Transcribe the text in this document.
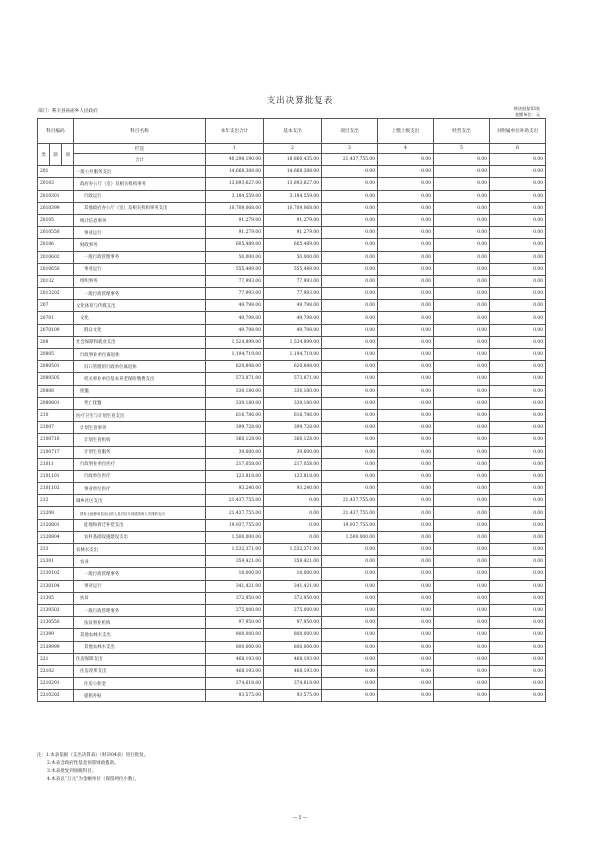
支出决算批复表
部门：利辛县孙庙乡人民政府
财决批复03表
金额单位：元
科目编码			科目名称	本年支出合计	基本支出	项目支出	上缴上级支出	经营支出	对附属单位补助支出
类	款	项	栏次	1	2	3	4	5	6
			合计	40,298,190.00	18,860,435.00	21,437,755.00	0.00	0.00	0.00
201			一般公共服务支出	14,668,388.00	14,668,388.00	0.00	0.00	0.00	0.00
20103			政府办公厅（室）及相关机构事务	13,893,627.00	13,893,627.00	0.00	0.00	0.00	0.00
2010301			行政运行	3,184,559.00	3,184,559.00	0.00	0.00	0.00	0.00
2010399			其他政府办公厅（室）及相关机构事务支出	10,709,068.00	10,709,068.00	0.00	0.00	0.00	0.00
20105			统计信息事务	91,279.00	91,279.00	0.00	0.00	0.00	0.00
2010550			事业运行	91,279.00	91,279.00	0.00	0.00	0.00	0.00
20106			财政事务	605,489.00	605,489.00	0.00	0.00	0.00	0.00
2010602			一般行政管理事务	50,000.00	50,000.00	0.00	0.00	0.00	0.00
2010650			事业运行	555,489.00	555,489.00	0.00	0.00	0.00	0.00
20132			组织事务	77,993.00	77,993.00	0.00	0.00	0.00	0.00
2013202			一般行政管理事务	77,993.00	77,993.00	0.00	0.00	0.00	0.00
207			文化体育与传媒支出	49,798.00	49,798.00	0.00	0.00	0.00	0.00
20701			文化	49,798.00	49,798.00	0.00	0.00	0.00	0.00
2070109			群众文化	49,798.00	49,798.00	0.00	0.00	0.00	0.00
208			社会保障和就业支出	1,524,899.00	1,524,899.00	0.00	0.00	0.00	0.00
20805			行政事业单位离退休	1,194,719.00	1,194,719.00	0.00	0.00	0.00	0.00
2080501			归口管理的行政单位离退休	620,848.00	620,848.00	0.00	0.00	0.00	0.00
2080505			机关事业单位基本养老保险缴费支出	573,871.00	573,871.00	0.00	0.00	0.00	0.00
20808			抚恤	330,180.00	330,180.00	0.00	0.00	0.00	0.00
2080801			死亡抚恤	330,180.00	330,180.00	0.00	0.00	0.00	0.00
210			医疗卫生与计划生育支出	616,786.00	616,786.00	0.00	0.00	0.00	0.00
21007			计划生育事务	399,728.00	399,728.00	0.00	0.00	0.00	0.00
2100716			计划生育机构	360,128.00	360,128.00	0.00	0.00	0.00	0.00
2100717			计划生育服务	39,600.00	39,600.00	0.00	0.00	0.00	0.00
21011			行政事业单位医疗	217,058.00	217,058.00	0.00	0.00	0.00	0.00
2101101			行政单位医疗	123,818.00	123,818.00	0.00	0.00	0.00	0.00
2101102			事业单位医疗	93,240.00	93,240.00	0.00	0.00	0.00	0.00
212			城乡社区支出	21,437,755.00	0.00	21,437,755.00	0.00	0.00	0.00
21208			国有土地使用权出让收入及对应专项债务收入安排的支出	21,437,755.00	0.00	21,437,755.00	0.00	0.00	0.00
2120801			征地和拆迁补偿支出	19,937,755.00	0.00	19,937,755.00	0.00	0.00	0.00
2120804			农村基础设施建设支出	1,500,000.00	0.00	1,500,000.00	0.00	0.00	0.00
213			农林水支出	1,532,371.00	1,532,371.00	0.00	0.00	0.00	0.00
21301			农业	359,421.00	359,421.00	0.00	0.00	0.00	0.00
2130102			一般行政管理事务	18,000.00	18,000.00	0.00	0.00	0.00	0.00
2130104			事业运行	341,421.00	341,421.00	0.00	0.00	0.00	0.00
21305			扶贫	372,950.00	372,950.00	0.00	0.00	0.00	0.00
2130502			一般行政管理事务	275,000.00	275,000.00	0.00	0.00	0.00	0.00
2130550			扶贫事业机构	97,950.00	97,950.00	0.00	0.00	0.00	0.00
21399			其他农林水支出	800,000.00	800,000.00	0.00	0.00	0.00	0.00
2139999			其他农林水支出	800,000.00	800,000.00	0.00	0.00	0.00	0.00
221			住房保障支出	468,193.00	468,193.00	0.00	0.00	0.00	0.00
22102			住房改革支出	468,193.00	468,193.00	0.00	0.00	0.00	0.00
2210201			住房公积金	374,618.00	374,618.00	0.00	0.00	0.00	0.00
2210202			提租补贴	93,575.00	93,575.00	0.00	0.00	0.00	0.00
注：1.本表依据《支出决算表》（财决04表）进行批复。
2.本表含政府性基金预算财政拨款。
3.本表批复到项级科目。
4.本表以“万元”为金额单位（保留两位小数）。
— 5 —
